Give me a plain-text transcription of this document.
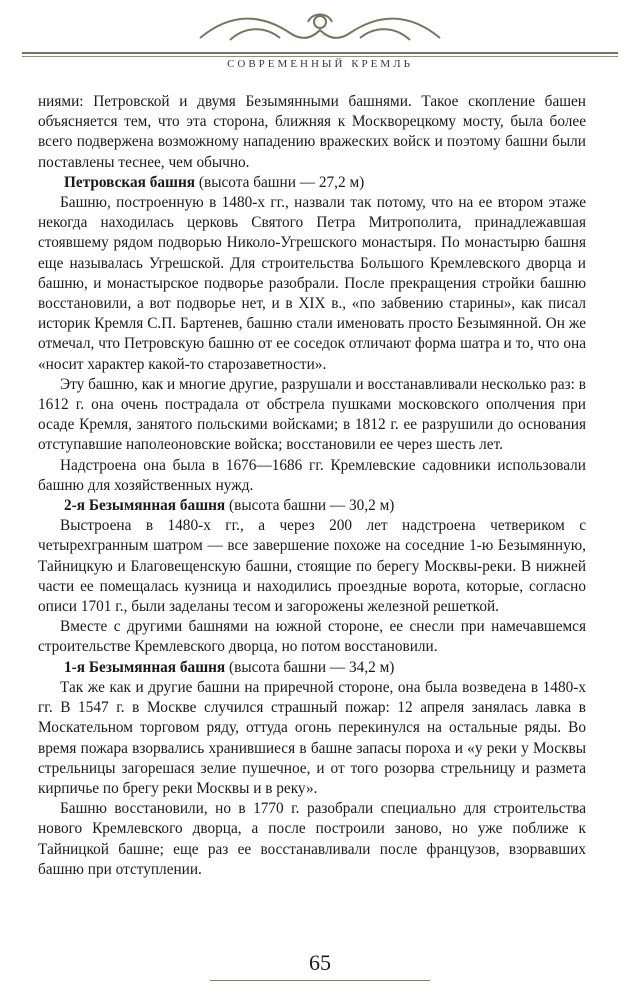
СОВРЕМЕННЫЙ КРЕМЛЬ

ниями: Петровской и двумя Безымянными башнями. Такое скопление башен объясняется тем, что эта сторона, ближняя к Москворецкому мосту, была более всего подвержена возможному нападению вражеских войск и поэтому башни были поставлены теснее, чем обычно.

Петровская башня (высота башни — 27,2 м)

Башню, построенную в 1480-х гг., назвали так потому, что на ее втором этаже некогда находилась церковь Святого Петра Митрополита, принадлежавшая стоявшему рядом подворью Николо-Угрешского монастыря. По монастырю башня еще называлась Угрешской. Для строительства Большого Кремлевского дворца и башню, и монастырское подворье разобрали. После прекращения стройки башню восстановили, а вот подворье нет, и в XIX в., «по забвению старины», как писал историк Кремля С.П. Бартенев, башню стали именовать просто Безымянной. Он же отмечал, что Петровскую башню от ее соседок отличают форма шатра и то, что она «носит характер какой-то старозаветности».

Эту башню, как и многие другие, разрушали и восстанавливали несколько раз: в 1612 г. она очень пострадала от обстрела пушками московского ополчения при осаде Кремля, занятого польскими войсками; в 1812 г. ее разрушили до основания отступавшие наполеоновские войска; восстановили ее через шесть лет.

Надстроена она была в 1676—1686 гг. Кремлевские садовники использовали башню для хозяйственных нужд.

2-я Безымянная башня (высота башни — 30,2 м)

Выстроена в 1480-х гг., а через 200 лет надстроена четвериком с четырехгранным шатром — все завершение похоже на соседние 1-ю Безымянную, Тайницкую и Благовещенскую башни, стоящие по берегу Москвы-реки. В нижней части ее помещалась кузница и находились проездные ворота, которые, согласно описи 1701 г., были заделаны тесом и загорожены железной решеткой.

Вместе с другими башнями на южной стороне, ее снесли при намечавшемся строительстве Кремлевского дворца, но потом восстановили.

1-я Безымянная башня (высота башни — 34,2 м)

Так же как и другие башни на приречной стороне, она была возведена в 1480-х гг. В 1547 г. в Москве случился страшный пожар: 12 апреля занялась лавка в Москательном торговом ряду, оттуда огонь перекинулся на остальные ряды. Во время пожара взорвались хранившиеся в башне запасы пороха и «у реки у Москвы стрельницы загорешася зелие пушечное, и от того розорва стрельницу и размета кирпичье по брегу реки Москвы и в реку».

Башню восстановили, но в 1770 г. разобрали специально для строительства нового Кремлевского дворца, а после построили заново, но уже поближе к Тайницкой башне; еще раз ее восстанавливали после французов, взорвавших башню при отступлении.

65
